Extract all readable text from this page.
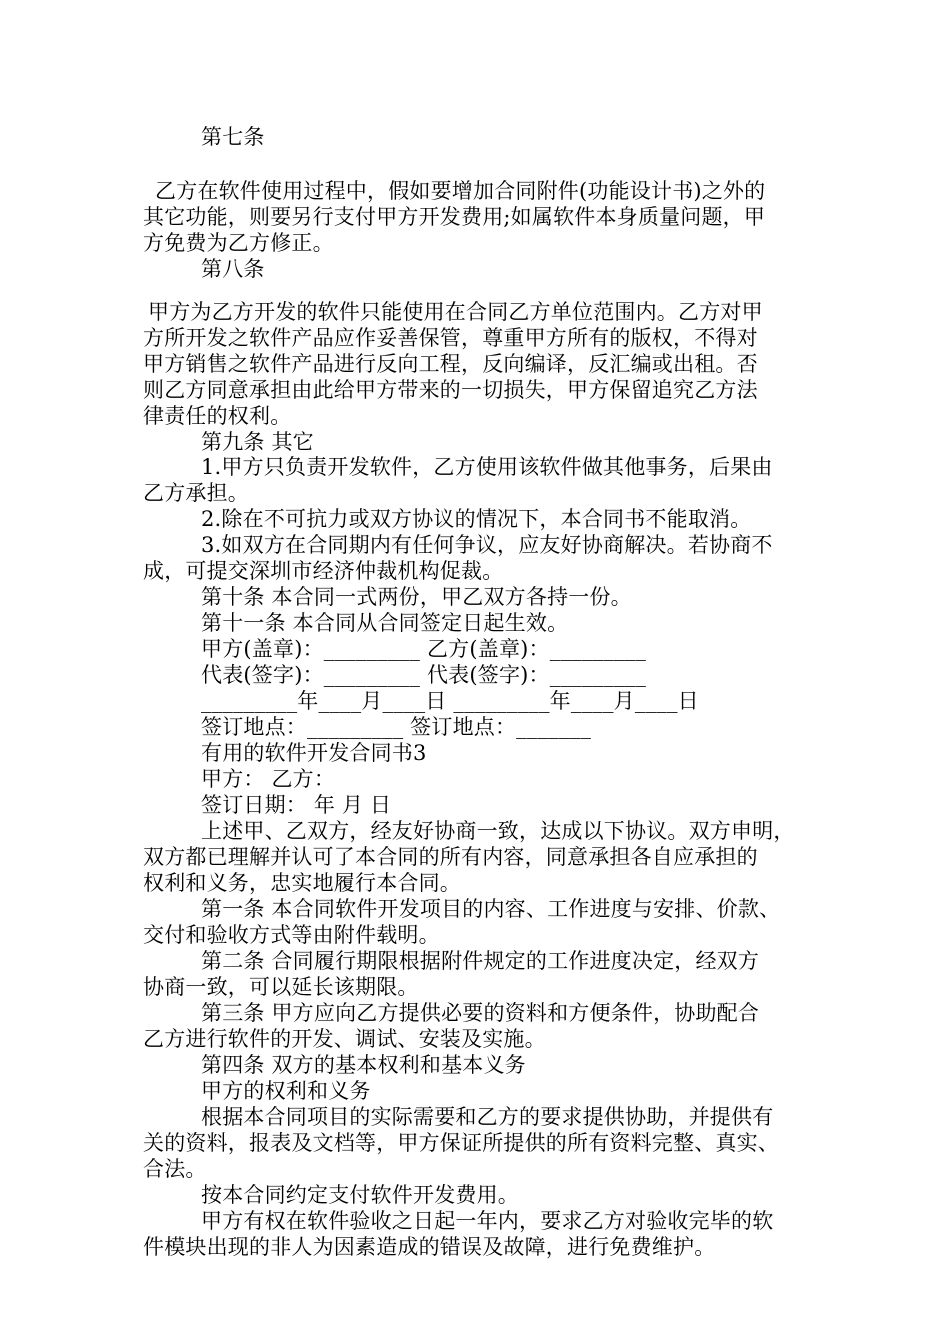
第七条
乙方在软件使用过程中，假如要增加合同附件(功能设计书)之外的
其它功能，则要另行支付甲方开发费用;如属软件本身质量问题，甲
方免费为乙方修正。
第八条
甲方为乙方开发的软件只能使用在合同乙方单位范围内。乙方对甲
方所开发之软件产品应作妥善保管，尊重甲方所有的版权，不得对
甲方销售之软件产品进行反向工程，反向编译，反汇编或出租。否
则乙方同意承担由此给甲方带来的一切损失，甲方保留追究乙方法
律责任的权利。
第九条 其它
1.甲方只负责开发软件，乙方使用该软件做其他事务，后果由
乙方承担。
2.除在不可抗力或双方协议的情况下，本合同书不能取消。
3.如双方在合同期内有任何争议，应友好协商解决。若协商不
成，可提交深圳市经济仲裁机构促裁。
第十条 本合同一式两份，甲乙双方各持一份。
第十一条 本合同从合同签定日起生效。
甲方(盖章)：_________ 乙方(盖章)：_________
代表(签字)：_________ 代表(签字)：_________
_________年____月____日 _________年____月____日
签订地点：_________ 签订地点：_______
有用的软件开发合同书3
甲方： 乙方：
签订日期： 年 月 日
上述甲、乙双方，经友好协商一致，达成以下协议。双方申明，
双方都已理解并认可了本合同的所有内容，同意承担各自应承担的
权利和义务，忠实地履行本合同。
第一条 本合同软件开发项目的内容、工作进度与安排、价款、
交付和验收方式等由附件载明。
第二条 合同履行期限根据附件规定的工作进度决定，经双方
协商一致，可以延长该期限。
第三条 甲方应向乙方提供必要的资料和方便条件，协助配合
乙方进行软件的开发、调试、安装及实施。
第四条 双方的基本权利和基本义务
甲方的权利和义务
根据本合同项目的实际需要和乙方的要求提供协助，并提供有
关的资料，报表及文档等，甲方保证所提供的所有资料完整、真实、
合法。
按本合同约定支付软件开发费用。
甲方有权在软件验收之日起一年内，要求乙方对验收完毕的软
件模块出现的非人为因素造成的错误及故障，进行免费维护。
